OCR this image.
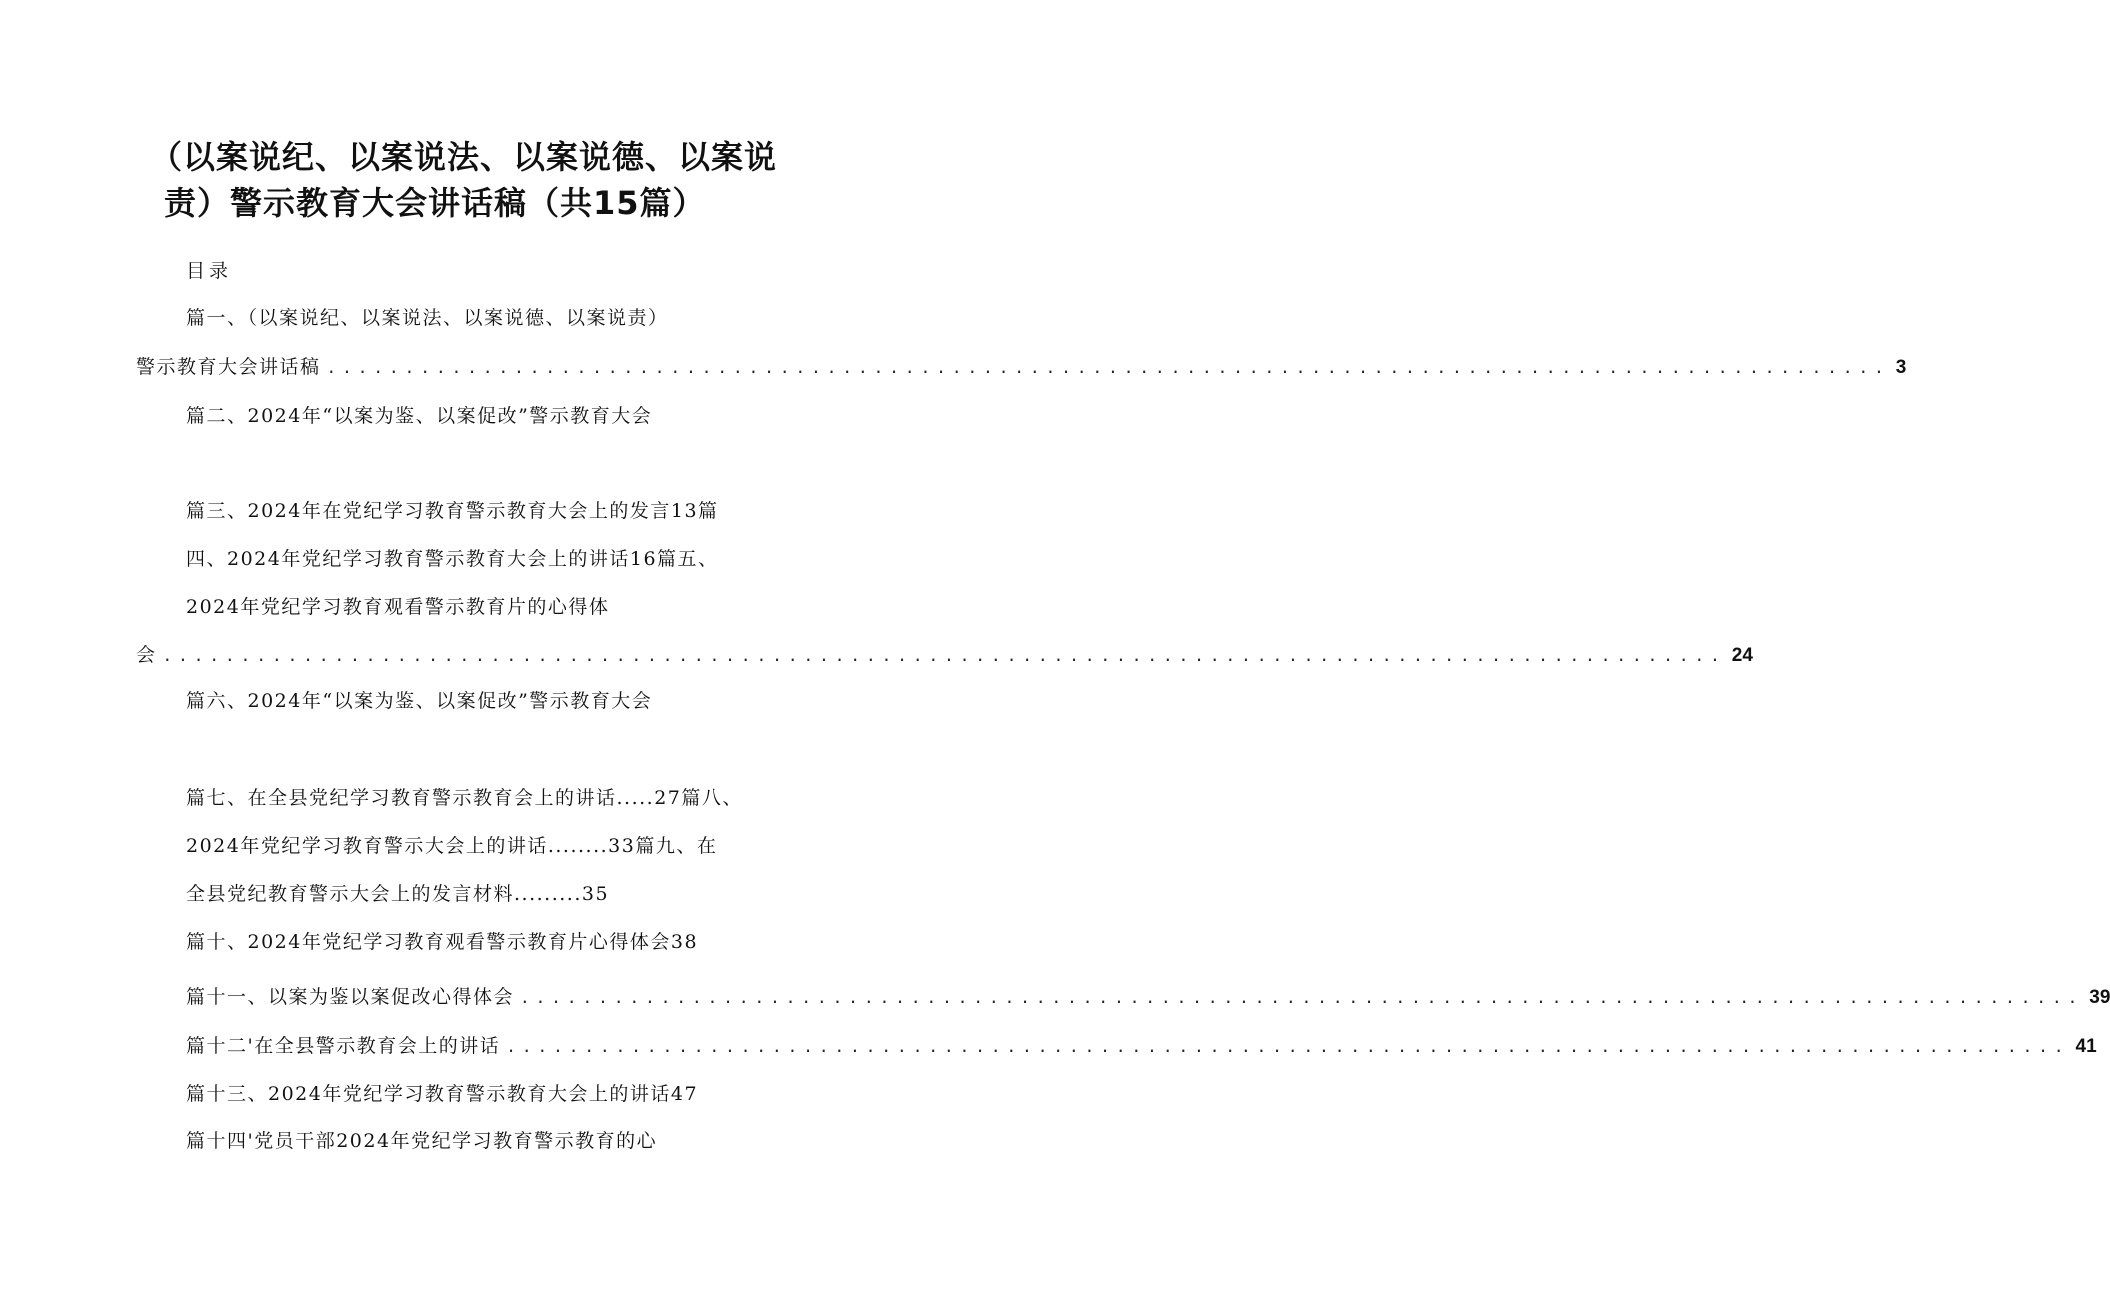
（以案说纪、以案说法、以案说德、以案说
责）警示教育大会讲话稿（共15篇）
目录
篇一、（以案说纪、以案说法、以案说德、以案说责）
警示教育大会讲话稿 .................................................................................................... 3
篇二、2024年“以案为鉴、以案促改”警示教育大会
篇三、2024年在党纪学习教育警示教育大会上的发言13篇
四、2024年党纪学习教育警示教育大会上的讲话16篇五、
2024年党纪学习教育观看警示教育片的心得体
会 .................................................................................................... 24
篇六、2024年“以案为鉴、以案促改”警示教育大会
篇七、在全县党纪学习教育警示教育会上的讲话.....27篇八、
2024年党纪学习教育警示大会上的讲话........33篇九、在
全县党纪教育警示大会上的发言材料.........35
篇十、2024年党纪学习教育观看警示教育片心得体会38
篇十一、以案为鉴以案促改心得体会 .................................................................................................... 39
篇十二'在全县警示教育会上的讲话 .................................................................................................... 41
篇十三、2024年党纪学习教育警示教育大会上的讲话47
篇十四'党员干部2024年党纪学习教育警示教育的心
